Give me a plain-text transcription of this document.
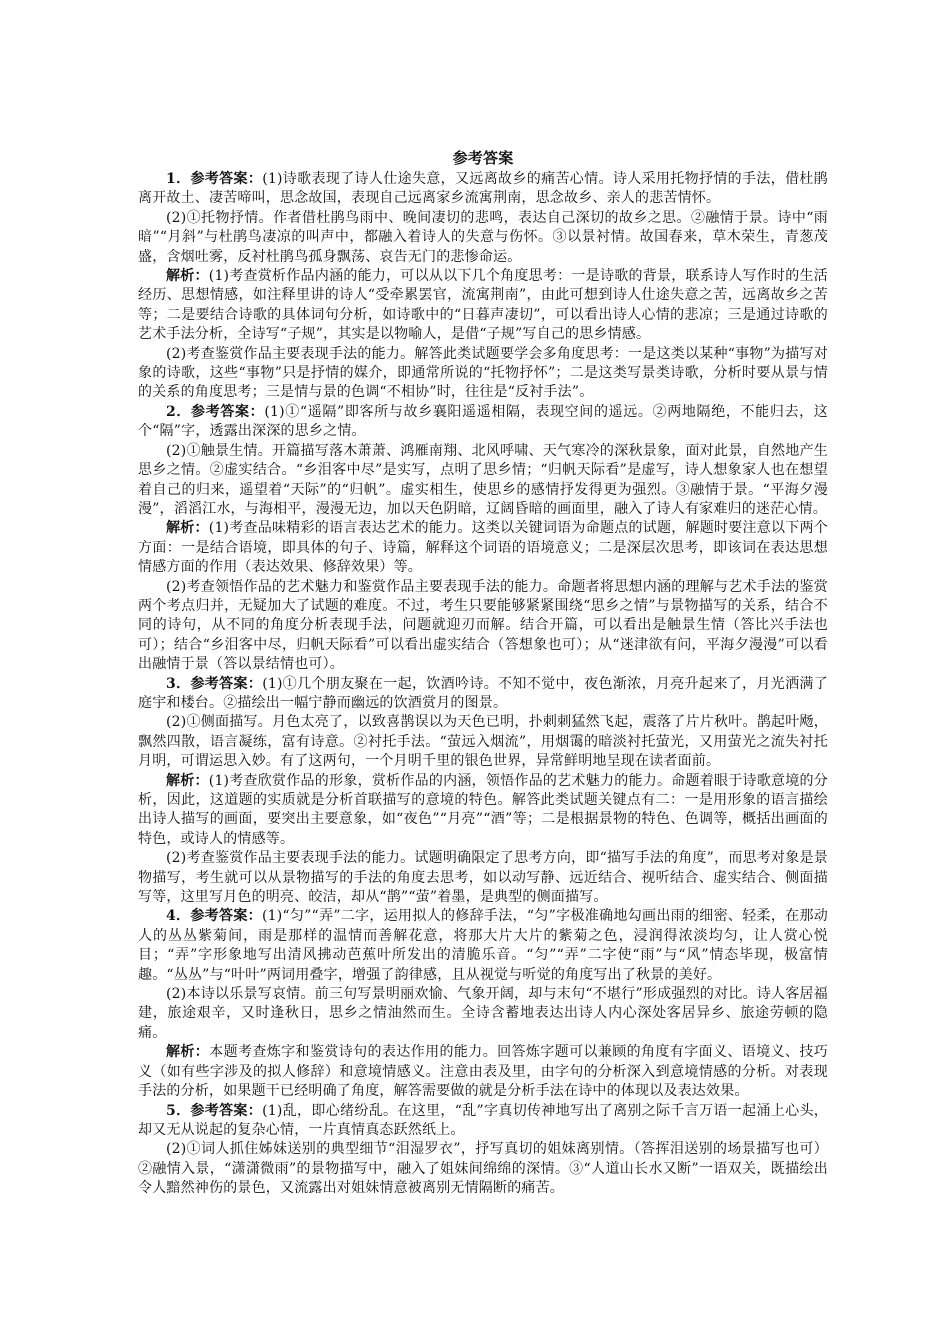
参考答案

1．参考答案：(1)诗歌表现了诗人仕途失意，又远离故乡的痛苦心情。诗人采用托物抒情的手法，借杜鹃离开故土、凄苦啼叫，思念故国，表现自己远离家乡流寓荆南，思念故乡、亲人的悲苦情怀。

(2)①托物抒情。作者借杜鹃鸟雨中、晚间凄切的悲鸣，表达自己深切的故乡之思。②融情于景。诗中“雨暗”“月斜”与杜鹃鸟凄凉的叫声中，都融入着诗人的失意与伤怀。③以景衬情。故国春来，草木荣生，青葱茂盛，含烟吐雾，反衬杜鹃鸟孤身飘荡、哀告无门的悲惨命运。

解析：(1)考查赏析作品内涵的能力，可以从以下几个角度思考：一是诗歌的背景，联系诗人写作时的生活经历、思想情感，如注释里讲的诗人“受牵累罢官，流寓荆南”，由此可想到诗人仕途失意之苦，远离故乡之苦等；二是要结合诗歌的具体词句分析，如诗歌中的“日暮声凄切”，可以看出诗人心情的悲凉；三是通过诗歌的艺术手法分析，全诗写“子规”，其实是以物喻人，是借“子规”写自己的思乡情感。

(2)考查鉴赏作品主要表现手法的能力。解答此类试题要学会多角度思考：一是这类以某种“事物”为描写对象的诗歌，这些“事物”只是抒情的媒介，即通常所说的“托物抒怀”；二是这类写景类诗歌，分析时要从景与情的关系的角度思考；三是情与景的色调“不相协”时，往往是“反衬手法”。

2．参考答案：(1)①“遥隔”即客所与故乡襄阳遥遥相隔，表现空间的遥远。②两地隔绝，不能归去，这个“隔”字，透露出深深的思乡之情。

(2)①触景生情。开篇描写落木萧萧、鸿雁南翔、北风呼啸、天气寒冷的深秋景象，面对此景，自然地产生思乡之情。②虚实结合。“乡泪客中尽”是实写，点明了思乡情；“归帆天际看”是虚写，诗人想象家人也在想望着自己的归来，遥望着“天际”的“归帆”。虚实相生，使思乡的感情抒发得更为强烈。③融情于景。“平海夕漫漫”，滔滔江水，与海相平，漫漫无边，加以天色阴暗，辽阔昏暗的画面里，融入了诗人有家难归的迷茫心情。

解析：(1)考查品味精彩的语言表达艺术的能力。这类以关键词语为命题点的试题，解题时要注意以下两个方面：一是结合语境，即具体的句子、诗篇，解释这个词语的语境意义；二是深层次思考，即该词在表达思想情感方面的作用（表达效果、修辞效果）等。

(2)考查领悟作品的艺术魅力和鉴赏作品主要表现手法的能力。命题者将思想内涵的理解与艺术手法的鉴赏两个考点归并，无疑加大了试题的难度。不过，考生只要能够紧紧围绕“思乡之情”与景物描写的关系，结合不同的诗句，从不同的角度分析表现手法，问题就迎刃而解。结合开篇，可以看出是触景生情（答比兴手法也可）；结合“乡泪客中尽，归帆天际看”可以看出虚实结合（答想象也可）；从“迷津欲有问，平海夕漫漫”可以看出融情于景（答以景结情也可）。

3．参考答案：(1)①几个朋友聚在一起，饮酒吟诗。不知不觉中，夜色渐浓，月亮升起来了，月光洒满了庭宇和楼台。②描绘出一幅宁静而幽远的饮酒赏月的图景。

(2)①侧面描写。月色太亮了，以致喜鹊误以为天色已明，扑刺刺猛然飞起，震落了片片秋叶。鹊起叶飏，飘然四散，语言凝练，富有诗意。②衬托手法。“萤远入烟流”，用烟霭的暗淡衬托萤光，又用萤光之流失衬托月明，可谓运思入妙。有了这两句，一个月明千里的银色世界，异常鲜明地呈现在读者面前。

解析：(1)考查欣赏作品的形象，赏析作品的内涵，领悟作品的艺术魅力的能力。命题着眼于诗歌意境的分析，因此，这道题的实质就是分析首联描写的意境的特色。解答此类试题关键点有二：一是用形象的语言描绘出诗人描写的画面，要突出主要意象，如“夜色”“月亮”“酒”等；二是根据景物的特色、色调等，概括出画面的特色，或诗人的情感等。

(2)考查鉴赏作品主要表现手法的能力。试题明确限定了思考方向，即“描写手法的角度”，而思考对象是景物描写，考生就可以从景物描写的手法的角度去思考，如以动写静、远近结合、视听结合、虚实结合、侧面描写等，这里写月色的明亮、皎洁，却从“鹊”“萤”着墨，是典型的侧面描写。

4．参考答案：(1)“匀”“弄”二字，运用拟人的修辞手法，“匀”字极准确地勾画出雨的细密、轻柔，在那动人的丛丛紫菊间，雨是那样的温情而善解花意，将那大片大片的紫菊之色，浸润得浓淡均匀，让人赏心悦目；“弄”字形象地写出清风拂动芭蕉叶所发出的清脆乐音。“匀”“弄”二字使“雨”与“风”情态毕现，极富情趣。“丛丛”与“叶叶”两词用叠字，增强了韵律感，且从视觉与听觉的角度写出了秋景的美好。

(2)本诗以乐景写哀情。前三句写景明丽欢愉、气象开阔，却与末句“不堪行”形成强烈的对比。诗人客居福建，旅途艰辛，又时逢秋日，思乡之情油然而生。全诗含蓄地表达出诗人内心深处客居异乡、旅途劳顿的隐痛。

解析：本题考查炼字和鉴赏诗句的表达作用的能力。回答炼字题可以兼顾的角度有字面义、语境义、技巧义（如有些字涉及的拟人修辞）和意境情感义。注意由表及里，由字句的分析深入到意境情感的分析。对表现手法的分析，如果题干已经明确了角度，解答需要做的就是分析手法在诗中的体现以及表达效果。

5．参考答案：(1)乱，即心绪纷乱。在这里，“乱”字真切传神地写出了离别之际千言万语一起涌上心头，却又无从说起的复杂心情，一片真情真态跃然纸上。

(2)①词人抓住姊妹送别的典型细节“泪湿罗衣”，抒写真切的姐妹离别情。（答挥泪送别的场景描写也可）②融情入景，“潇潇微雨”的景物描写中，融入了姐妹间绵绵的深情。③“人道山长水又断”一语双关，既描绘出令人黯然神伤的景色，又流露出对姐妹情意被离别无情隔断的痛苦。
